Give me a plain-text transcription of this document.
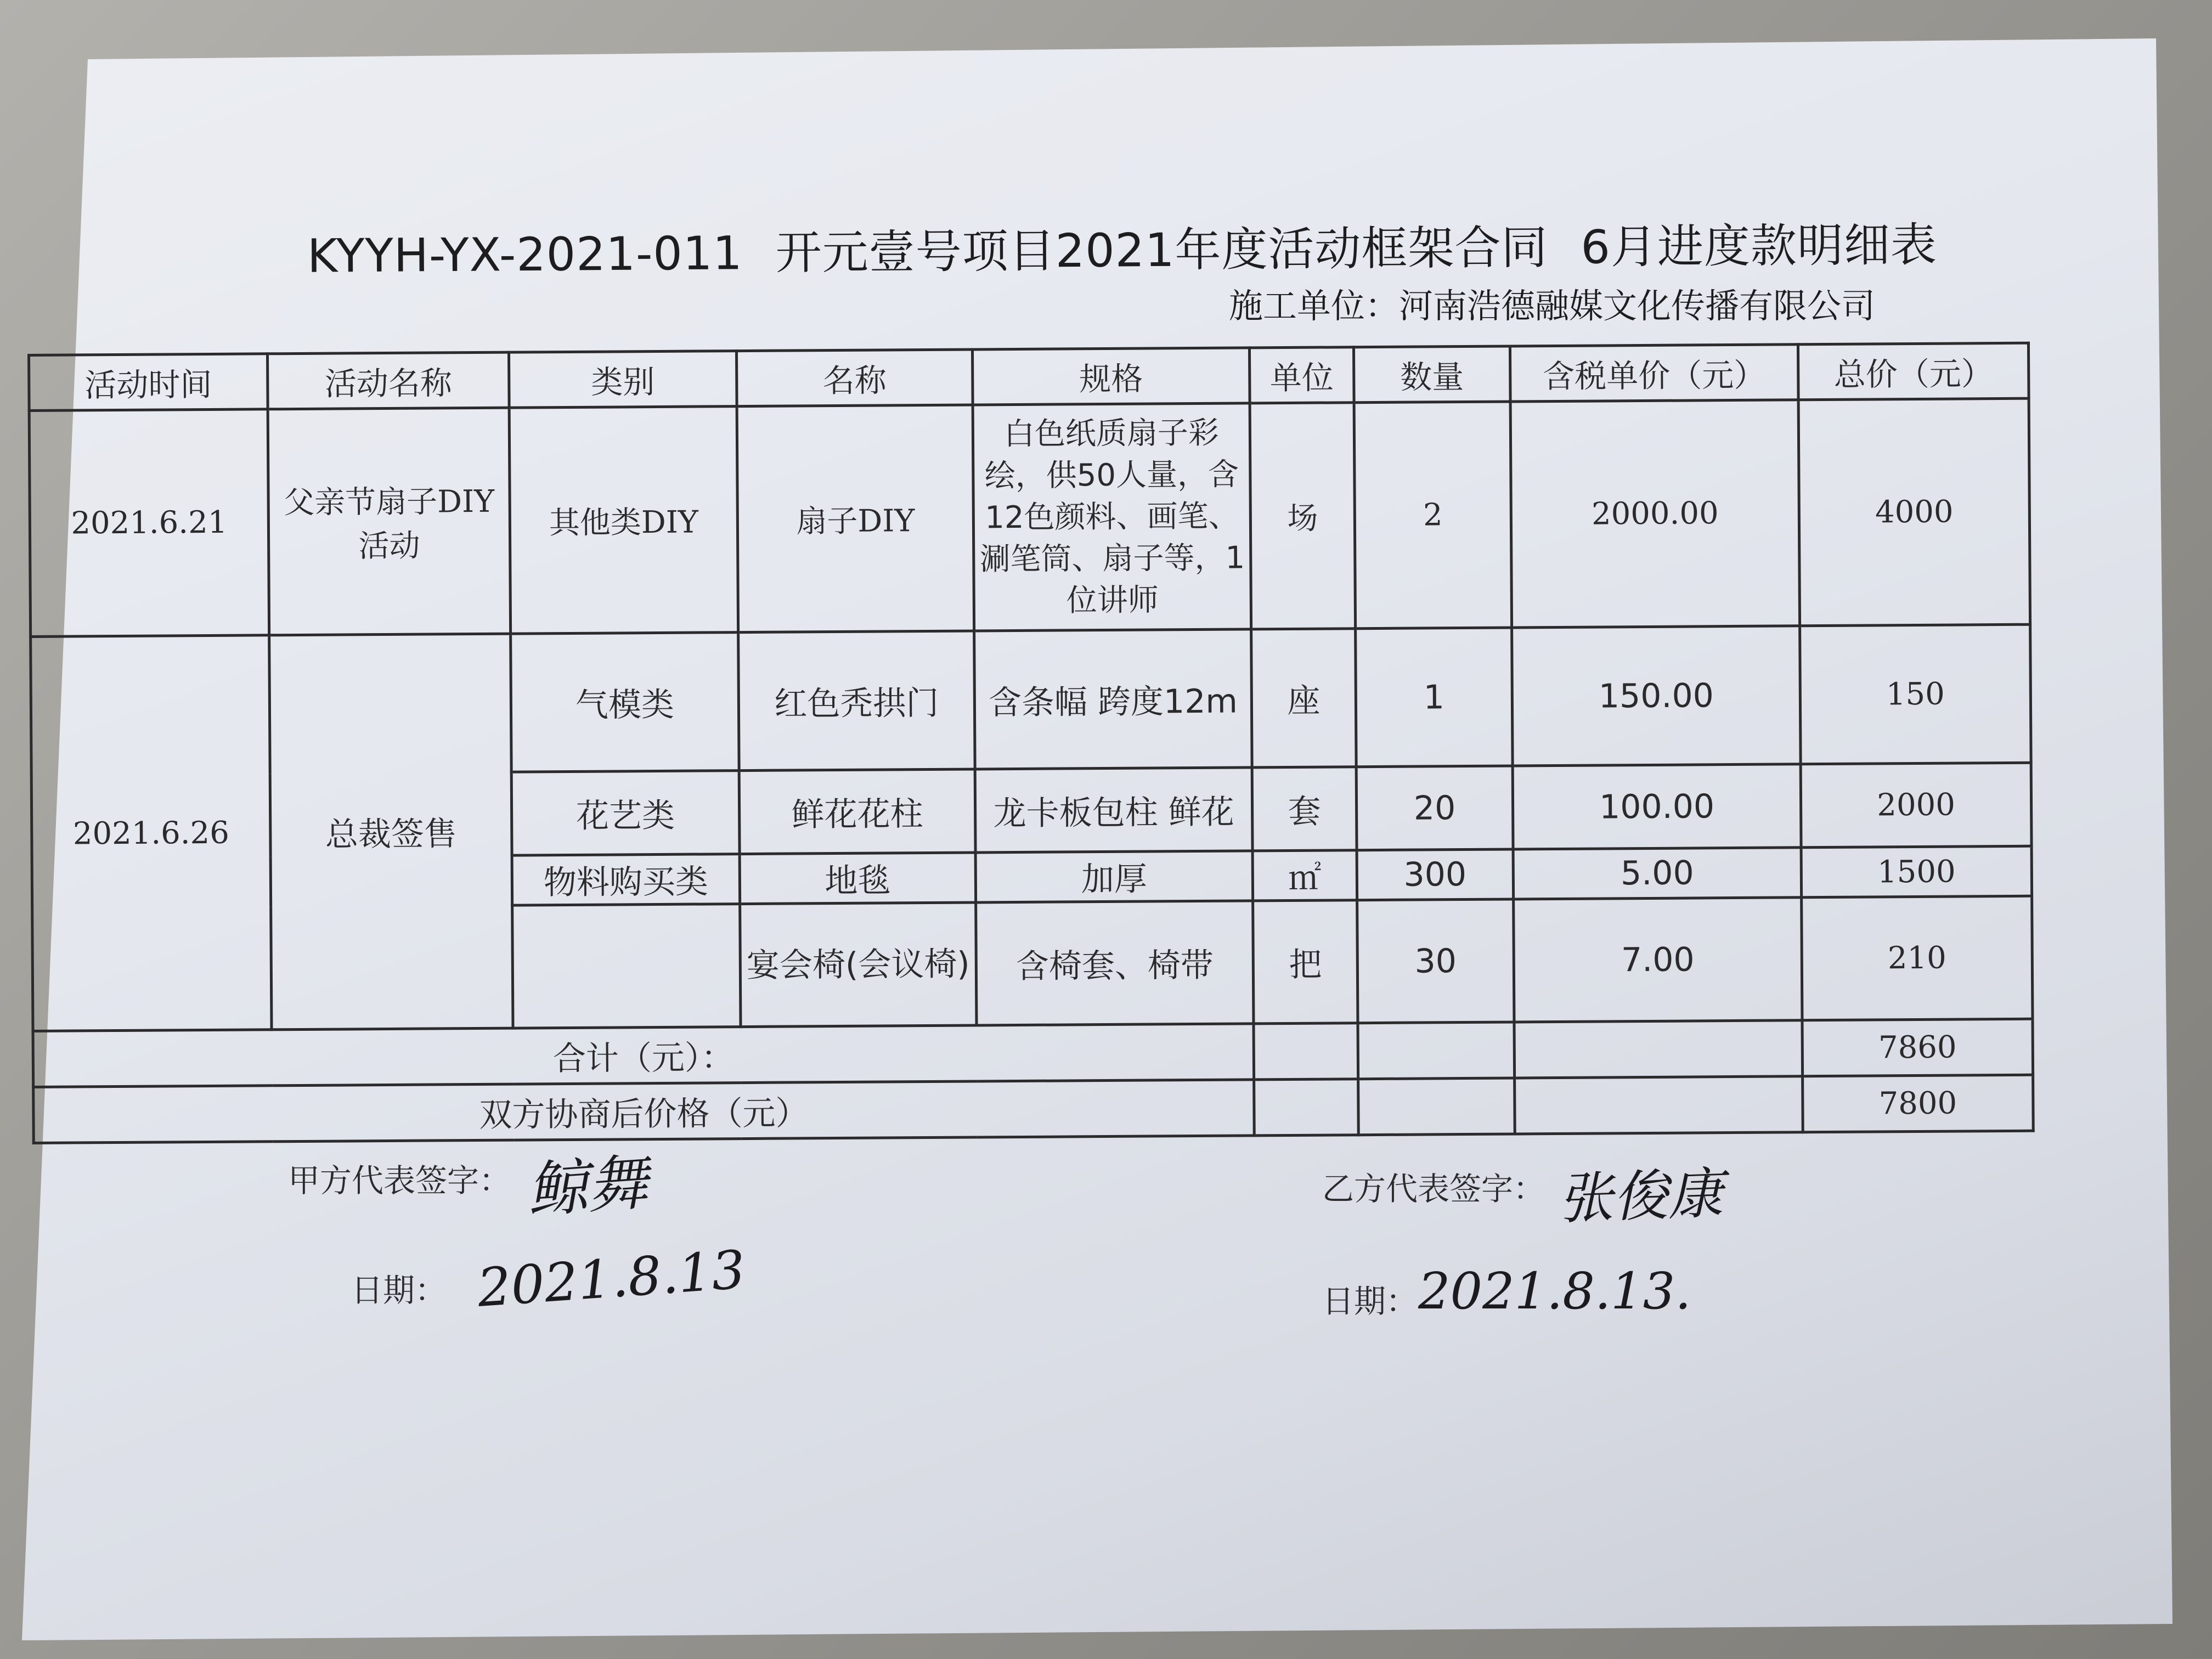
KYYH-YX-2021-011 开元壹号项目2021年度活动框架合同 6月进度款明细表
施工单位：河南浩德融媒文化传播有限公司
活动时间	活动名称	类别	名称	规格	单位	数量	含税单价（元）	总价（元）
2021.6.21	父亲节扇子DIY活动	其他类DIY	扇子DIY	白色纸质扇子彩绘，供50人量，含12色颜料、画笔、涮笔筒、扇子等，1位讲师	场	2	2000.00	4000
2021.6.26	总裁签售	气模类	红色秃拱门	含条幅 跨度12m	座	1	150.00	150
		花艺类	鲜花花柱	龙卡板包柱 鲜花	套	20	100.00	2000
		物料购买类	地毯	加厚	㎡	300	5.00	1500
			宴会椅(会议椅)	含椅套、椅带	把	30	7.00	210
合计（元）：								7860
双方协商后价格（元）								7800
甲方代表签字： 鲸舞
日期： 2021.8.13
乙方代表签字： 张俊康
日期： 2021.8.13.
